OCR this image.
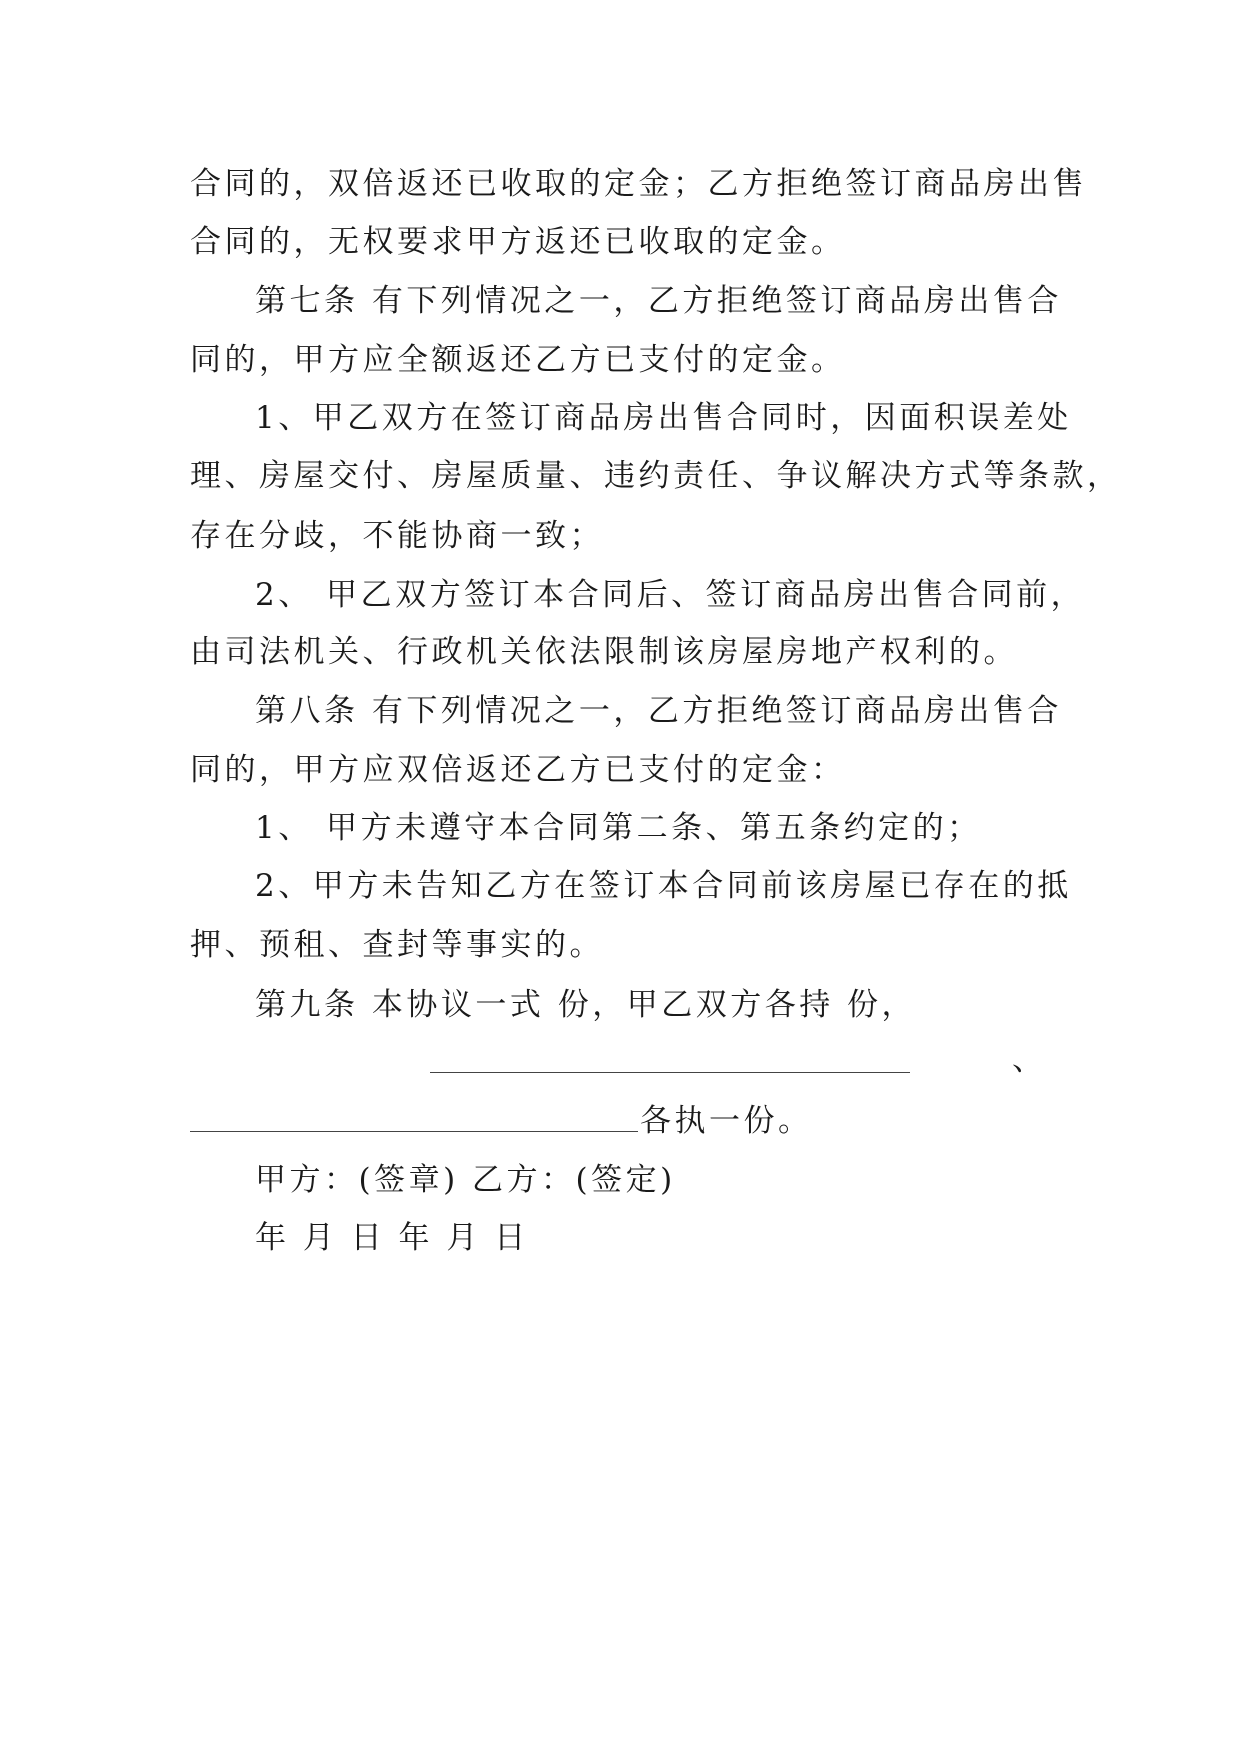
合同的，双倍返还已收取的定金；乙方拒绝签订商品房出售
合同的，无权要求甲方返还已收取的定金。
第七条 有下列情况之一，乙方拒绝签订商品房出售合
同的，甲方应全额返还乙方已支付的定金。
1、甲乙双方在签订商品房出售合同时，因面积误差处
理、房屋交付、房屋质量、违约责任、争议解决方式等条款，
存在分歧，不能协商一致；
2、 甲乙双方签订本合同后、签订商品房出售合同前，
由司法机关、行政机关依法限制该房屋房地产权利的。
第八条 有下列情况之一，乙方拒绝签订商品房出售合
同的，甲方应双倍返还乙方已支付的定金：
1、 甲方未遵守本合同第二条、第五条约定的；
2、甲方未告知乙方在签订本合同前该房屋已存在的抵
押、预租、查封等事实的。
第九条 本协议一式 份，甲乙双方各持 份，
、
各执一份。
甲方：(签章) 乙方：(签定)
年 月 日 年 月 日
